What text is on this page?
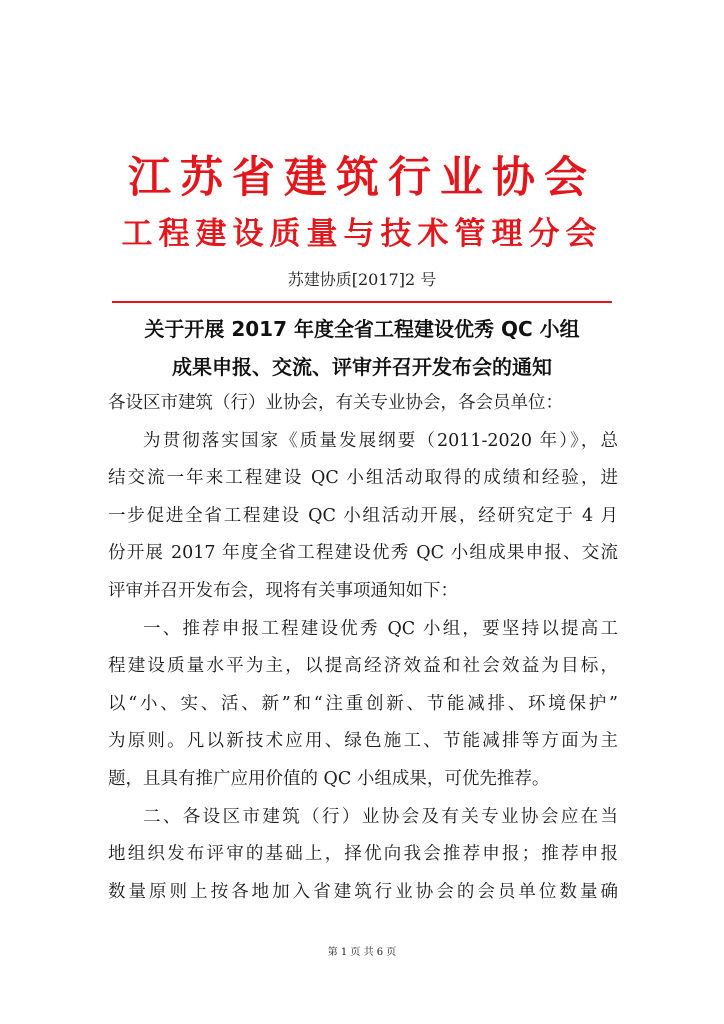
江苏省建筑行业协会
工程建设质量与技术管理分会
苏建协质[2017]2 号
关于开展 2017 年度全省工程建设优秀 QC 小组
成果申报、交流、评审并召开发布会的通知
各设区市建筑（行）业协会，有关专业协会，各会员单位：
为贯彻落实国家《质量发展纲要（2011-2020 年）》，总
结交流一年来工程建设 QC 小组活动取得的成绩和经验，进
一步促进全省工程建设 QC 小组活动开展，经研究定于 4 月
份开展 2017 年度全省工程建设优秀 QC 小组成果申报、交流
评审并召开发布会，现将有关事项通知如下：
一、推荐申报工程建设优秀 QC 小组，要坚持以提高工
程建设质量水平为主，以提高经济效益和社会效益为目标，
以“小、实、活、新”和“注重创新、节能减排、环境保护”
为原则。凡以新技术应用、绿色施工、节能减排等方面为主
题，且具有推广应用价值的 QC 小组成果，可优先推荐。
二、各设区市建筑（行）业协会及有关专业协会应在当
地组织发布评审的基础上，择优向我会推荐申报；推荐申报
数量原则上按各地加入省建筑行业协会的会员单位数量确
第 1 页 共 6 页
